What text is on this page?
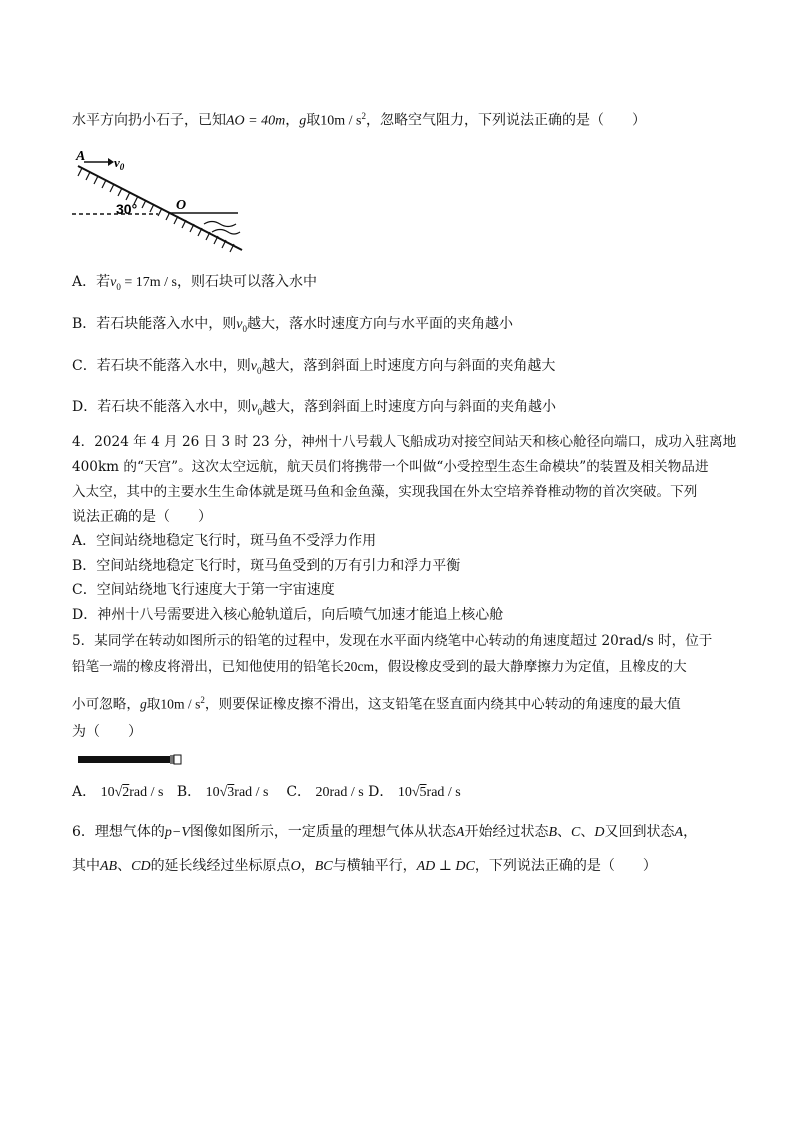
水平方向扔小石子，已知AO = 40m，g取$10m / s^2$，忽略空气阻力，下列说法正确的是（　　）
A $v_0$
30°	O
A．若$v_0 = 17m / s$，则石块可以落入水中
B．若石块能落入水中，则$v_0$越大，落水时速度方向与水平面的夹角越小
C．若石块不能落入水中，则$v_0$越大，落到斜面上时速度方向与斜面的夹角越大
D．若石块不能落入水中，则$v_0$越大，落到斜面上时速度方向与斜面的夹角越小
4．2024 年 4 月 26 日 3 时 23 分，神州十八号载人飞船成功对接空间站天和核心舱径向端口，成功入驻离地
400km 的“天宫”。这次太空远航，航天员们将携带一个叫做“小受控型生态生命模块”的装置及相关物品进
入太空，其中的主要水生生命体就是斑马鱼和金鱼藻，实现我国在外太空培养脊椎动物的首次突破。下列
说法正确的是（　　）
A．空间站绕地稳定飞行时，斑马鱼不受浮力作用
B．空间站绕地稳定飞行时，斑马鱼受到的万有引力和浮力平衡
C．空间站绕地飞行速度大于第一宇宙速度
D．神州十八号需要进入核心舱轨道后，向后喷气加速才能追上核心舱
5．某同学在转动如图所示的铅笔的过程中，发现在水平面内绕笔中心转动的角速度超过 20rad/s 时，位于
铅笔一端的橡皮将滑出，已知他使用的铅笔长20cm，假设橡皮受到的最大静摩擦力为定值，且橡皮的大
小可忽略，g取$10m / s^2$，则要保证橡皮擦不滑出，这支铅笔在竖直面内绕其中心转动的角速度的最大值
为（　　）
A． 10√2rad / s B． 10√3rad / s C． 20rad / s D． 10√5rad / s
6．理想气体的p−V图像如图所示，一定质量的理想气体从状态A开始经过状态B、C、D又回到状态A，
其中AB、CD的延长线经过坐标原点O，BC与横轴平行，AD ⊥ DC，下列说法正确的是（　　）
